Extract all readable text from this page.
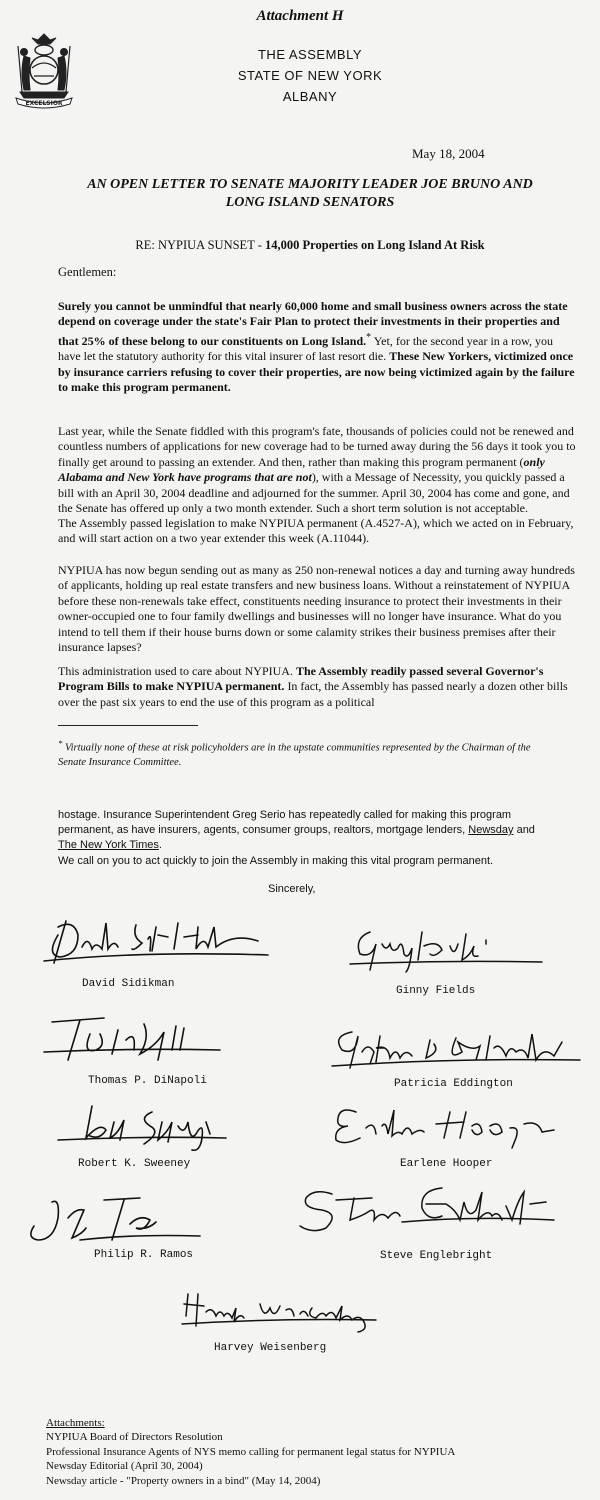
Attachment H
EXCELSIOR
THE ASSEMBLY
STATE OF NEW YORK
ALBANY
May 18, 2004
AN OPEN LETTER TO SENATE MAJORITY LEADER JOE BRUNO AND
LONG ISLAND SENATORS
RE: NYPIUA SUNSET - 14,000 Properties on Long Island At Risk
Gentlemen:
Surely you cannot be unmindful that nearly 60,000 home and small business owners across the state depend on coverage under the state's Fair Plan to protect their investments in their properties and that 25% of these belong to our constituents on Long Island.* Yet, for the second year in a row, you have let the statutory authority for this vital insurer of last resort die. These New Yorkers, victimized once by insurance carriers refusing to cover their properties, are now being victimized again by the failure to make this program permanent.
Last year, while the Senate fiddled with this program's fate, thousands of policies could not be renewed and countless numbers of applications for new coverage had to be turned away during the 56 days it took you to finally get around to passing an extender. And then, rather than making this program permanent (only Alabama and New York have programs that are not), with a Message of Necessity, you quickly passed a bill with an April 30, 2004 deadline and adjourned for the summer. April 30, 2004 has come and gone, and the Senate has offered up only a two month extender. Such a short term solution is not acceptable.
The Assembly passed legislation to make NYPIUA permanent (A.4527-A), which we acted on in February, and will start action on a two year extender this week (A.11044).
NYPIUA has now begun sending out as many as 250 non-renewal notices a day and turning away hundreds of applicants, holding up real estate transfers and new business loans. Without a reinstatement of NYPIUA before these non-renewals take effect, constituents needing insurance to protect their investments in their owner-occupied one to four family dwellings and businesses will no longer have insurance. What do you intend to tell them if their house burns down or some calamity strikes their business premises after their insurance lapses?
This administration used to care about NYPIUA. The Assembly readily passed several Governor's Program Bills to make NYPIUA permanent. In fact, the Assembly has passed nearly a dozen other bills over the past six years to end the use of this program as a political
* Virtually none of these at risk policyholders are in the upstate communities represented by the Chairman of the Senate Insurance Committee.
hostage. Insurance Superintendent Greg Serio has repeatedly called for making this program permanent, as have insurers, agents, consumer groups, realtors, mortgage lenders, Newsday and
The New York Times.
We call on you to act quickly to join the Assembly in making this vital program permanent.
Sincerely,
David Sidikman
Ginny Fields
Thomas P. DiNapoli	Patricia Eddington
Robert K. Sweeney	Earlene Hooper
Philip R. Ramos	Steve Englebright
Harvey Weisenberg
Attachments:
NYPIUA Board of Directors Resolution
Professional Insurance Agents of NYS memo calling for permanent legal status for NYPIUA
Newsday Editorial (April 30, 2004)
Newsday article - "Property owners in a bind" (May 14, 2004)
